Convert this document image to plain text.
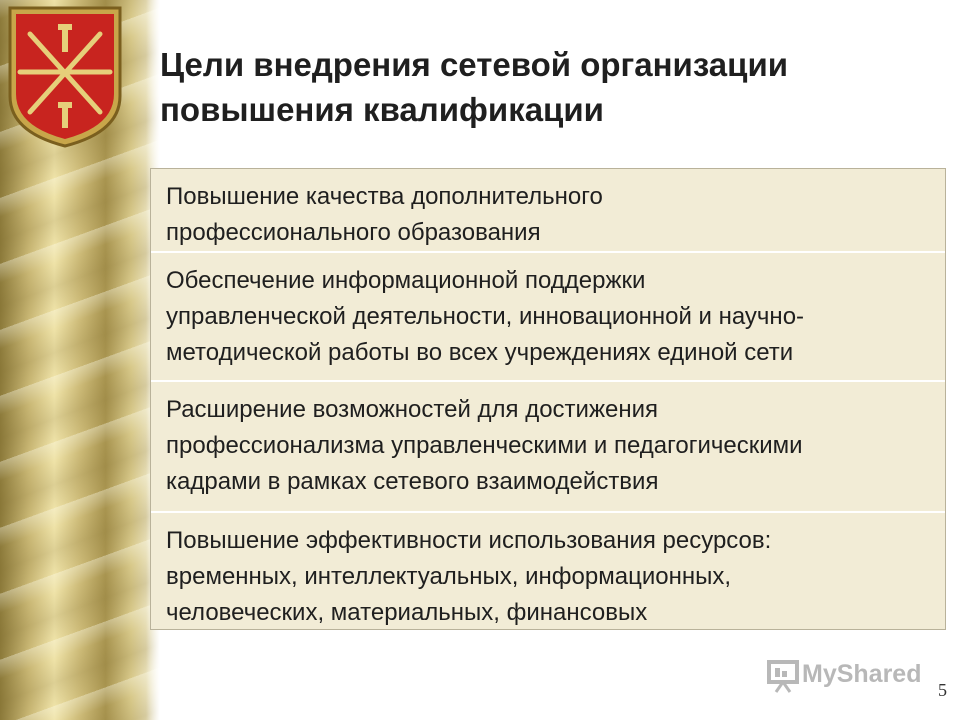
Цели внедрения сетевой организации
повышения квалификации
Повышение качества дополнительного
профессионального образования
Обеспечение информационной поддержки
управленческой деятельности, инновационной и научно-
методической работы во всех учреждениях единой сети
Расширение возможностей для достижения
профессионализма управленческими и педагогическими
кадрами в рамках сетевого взаимодействия
Повышение эффективности использования ресурсов:
временных, интеллектуальных, информационных,
человеческих, материальных, финансовых
MyShared
5
